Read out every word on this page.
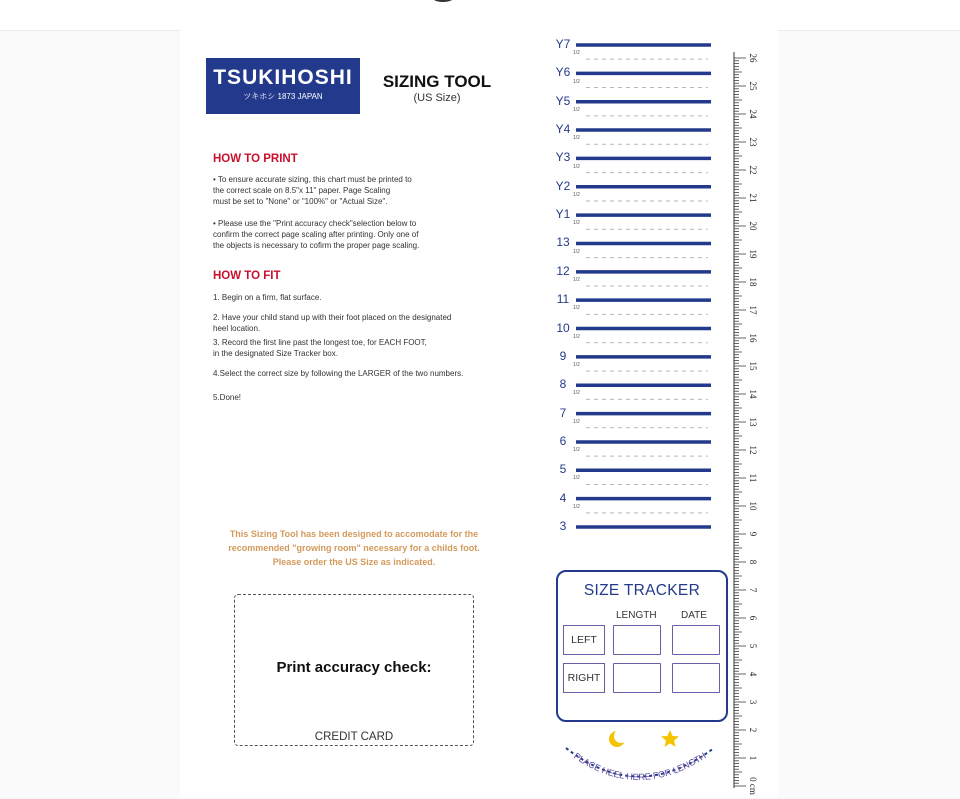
TSUKIHOSHI
ツキホシ 1873 JAPAN
SIZING TOOL
(US Size)
HOW TO PRINT
• To ensure accurate sizing, this chart must be printed to
the correct scale on 8.5"x 11" paper. Page Scaling
must be set to "None" or "100%" or "Actual Size".
• Please use the "Print accuracy check"selection below to
confirm the correct page scaling after printing. Only one of
the objects is necessary to cofirm the proper page scaling.
HOW TO FIT
1. Begin on a firm, flat surface.
2. Have your child stand up with their foot placed on the designated
heel location.
3. Record the first line past the longest toe, for EACH FOOT,
in the designated Size Tracker box.
4.Select the correct size by following the LARGER of the two numbers.
5.Done!
This Sizing Tool has been designed to accomodate for the
recommended "growing room" necessary for a childs foot.
Please order the US Size as indicated.
Print accuracy check:
CREDIT CARD
SIZE TRACKER
LENGTH DATE
LEFT
RIGHT
PLACE HEEL HERE FOR LENGTH
Y7
1/2
Y6
1/2
Y5
1/2
Y4
1/2
Y3
1/2
Y2
1/2
Y1
1/2
13
1/2
12
1/2
11
1/2
10
1/2
9
1/2
8
1/2
7
1/2
6
1/2
5
1/2
4
1/2
3
26
25
24
23
22
21
20
19
18
17
16
15
14
13
12
11
10
9
8
7
6
5
4
3
2
1
0 cm
